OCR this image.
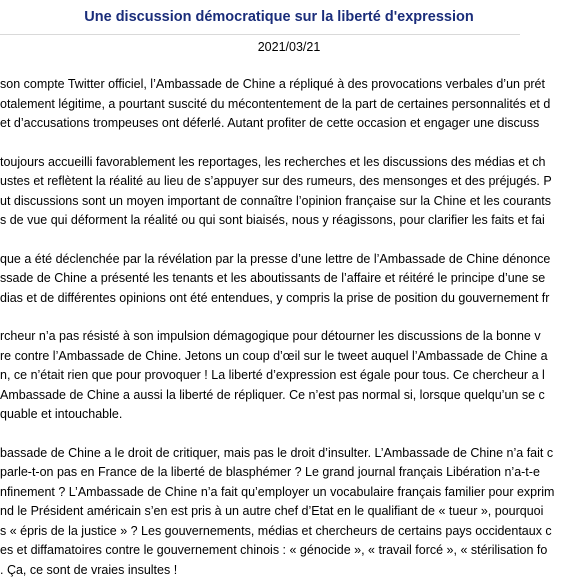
Une discussion démocratique sur la liberté d'expression
2021/03/21
son compte Twitter officiel, l’Ambassade de Chine a répliqué à des provocations verbales d’un prét
otalement légitime, a pourtant suscité du mécontentement de la part de certaines personnalités et d
et d’accusations trompeuses ont déferlé. Autant profiter de cette occasion et engager une discuss
toujours accueilli favorablement les reportages, les recherches et les discussions des médias et ch
ustes et reflètent la réalité au lieu de s’appuyer sur des rumeurs, des mensonges et des préjugés. P
ut discussions sont un moyen important de connaître l’opinion française sur la Chine et les courants
s de vue qui déforment la réalité ou qui sont biaisés, nous y réagissons, pour clarifier les faits et fai
que a été déclenchée par la révélation par la presse d’une lettre de l’Ambassade de Chine dénonce
ssade de Chine a présenté les tenants et les aboutissants de l’affaire et réitéré le principe d’une se
dias et de différentes opinions ont été entendues, y compris la prise de position du gouvernement fr
rcheur n’a pas résisté à son impulsion démagogique pour détourner les discussions de la bonne v
re contre l’Ambassade de Chine. Jetons un coup d’œil sur le tweet auquel l’Ambassade de Chine a
n, ce n’était rien que pour provoquer ! La liberté d’expression est égale pour tous. Ce chercheur a l
Ambassade de Chine a aussi la liberté de répliquer. Ce n’est pas normal si, lorsque quelqu’un se c
quable et intouchable.
bassade de Chine a le droit de critiquer, mais pas le droit d’insulter. L’Ambassade de Chine n’a fait c
parle-t-on pas en France de la liberté de blasphémer ? Le grand journal français Libération n’a-t-e
nfinement ? L’Ambassade de Chine n’a fait qu’employer un vocabulaire français familier pour exprim
nd le Président américain s’en est pris à un autre chef d’Etat en le qualifiant de « tueur », pourquoi
s « épris de la justice » ? Les gouvernements, médias et chercheurs de certains pays occidentaux c
es et diffamatoires contre le gouvernement chinois : « génocide », « travail forcé », « stérilisation fo
. Ça, ce sont de vraies insultes !
